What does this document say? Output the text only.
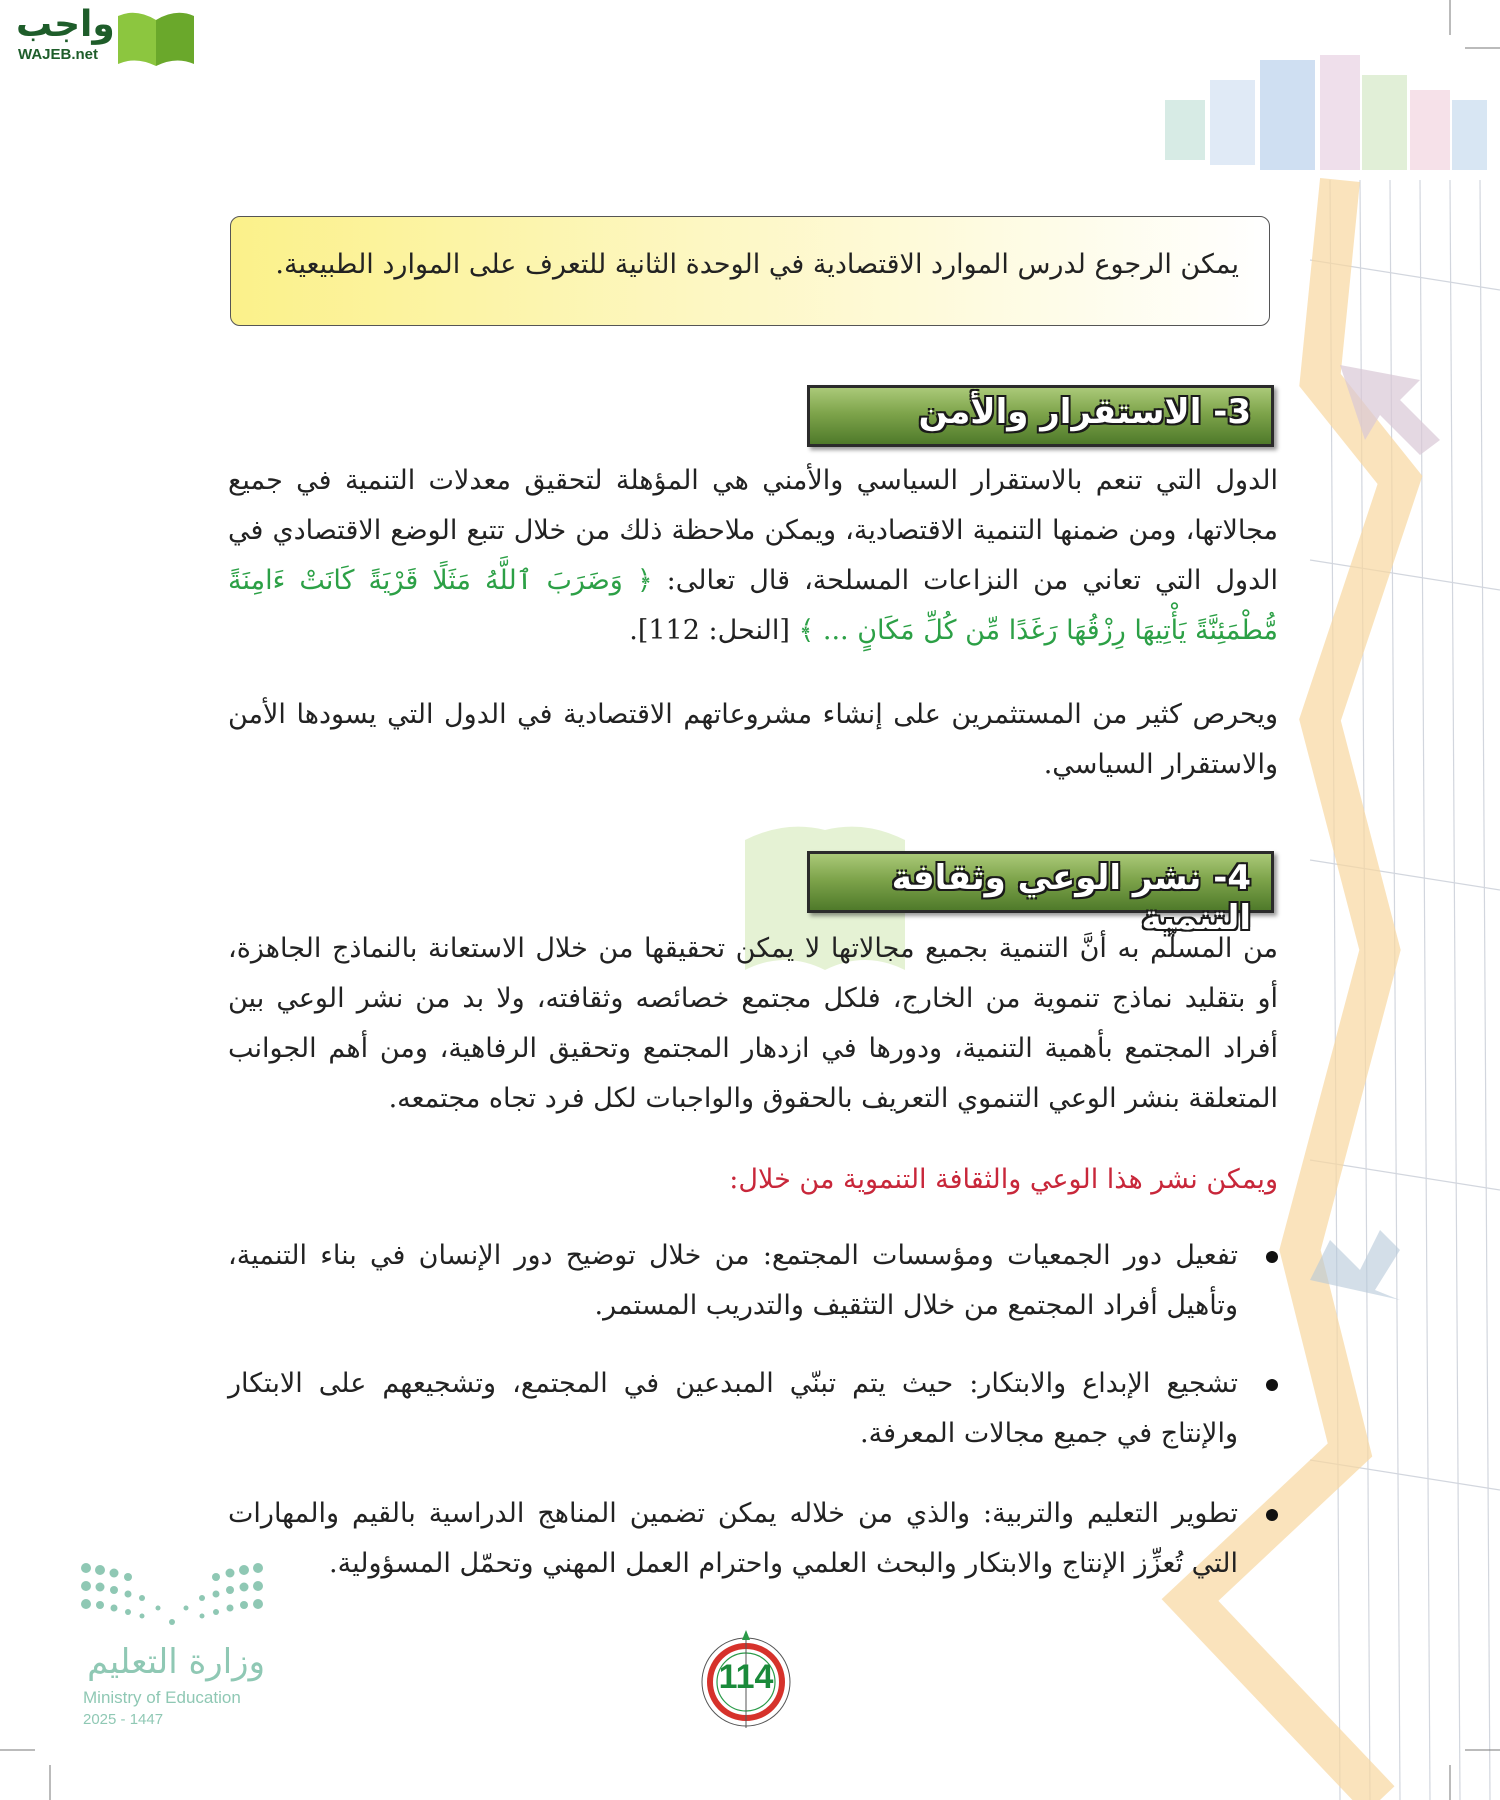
واجب
WAJEB.net

يمكن الرجوع لدرس الموارد الاقتصادية في الوحدة الثانية للتعرف على الموارد الطبيعية.

3- الاستقرار والأمن

الدول التي تنعم بالاستقرار السياسي والأمني هي المؤهلة لتحقيق معدلات التنمية في جميع مجالاتها، ومن ضمنها التنمية الاقتصادية، ويمكن ملاحظة ذلك من خلال تتبع الوضع الاقتصادي في الدول التي تعاني من النزاعات المسلحة، قال تعالى: ﴿ وَضَرَبَ ٱللَّهُ مَثَلًا قَرْيَةً كَانَتْ ءَامِنَةً مُّطْمَئِنَّةً يَأْتِيهَا رِزْقُهَا رَغَدًا مِّن كُلِّ مَكَانٍ ... ﴾ [النحل: 112].

ويحرص كثير من المستثمرين على إنشاء مشروعاتهم الاقتصادية في الدول التي يسودها الأمن والاستقرار السياسي.

4- نشر الوعي وثقافة التنمية

من المسلّم به أنَّ التنمية بجميع مجالاتها لا يمكن تحقيقها من خلال الاستعانة بالنماذج الجاهزة، أو بتقليد نماذج تنموية من الخارج، فلكل مجتمع خصائصه وثقافته، ولا بد من نشر الوعي بين أفراد المجتمع بأهمية التنمية، ودورها في ازدهار المجتمع وتحقيق الرفاهية، ومن أهم الجوانب المتعلقة بنشر الوعي التنموي التعريف بالحقوق والواجبات لكل فرد تجاه مجتمعه.

ويمكن نشر هذا الوعي والثقافة التنموية من خلال:

تفعيل دور الجمعيات ومؤسسات المجتمع: من خلال توضيح دور الإنسان في بناء التنمية، وتأهيل أفراد المجتمع من خلال التثقيف والتدريب المستمر.
تشجيع الإبداع والابتكار: حيث يتم تبنّي المبدعين في المجتمع، وتشجيعهم على الابتكار والإنتاج في جميع مجالات المعرفة.
تطوير التعليم والتربية: والذي من خلاله يمكن تضمين المناهج الدراسية بالقيم والمهارات التي تُعزِّز الإنتاج والابتكار والبحث العلمي واحترام العمل المهني وتحمّل المسؤولية.
وزارة التعليم
Ministry of Education
2025 - 1447
114
